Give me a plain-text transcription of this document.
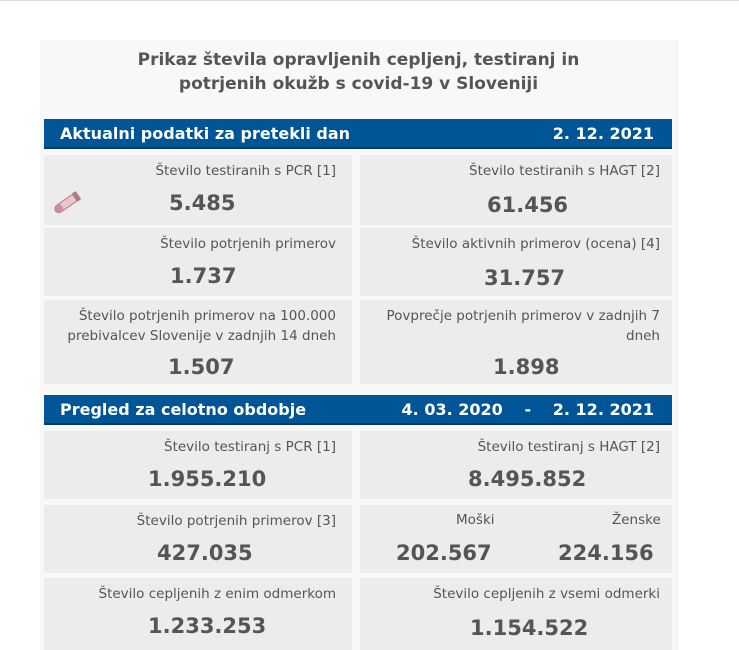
Prikaz števila opravljenih cepljenj, testiranj in
potrjenih okužb s covid-19 v Sloveniji
Aktualni podatki za pretekli dan	2. 12. 2021
Število testiranih s PCR [1]
5.485
Število testiranih s HAGT [2]
61.456
Število potrjenih primerov
1.737
Število aktivnih primerov (ocena) [4]
31.757
Število potrjenih primerov na 100.000
prebivalcev Slovenije v zadnjih 14 dneh
1.507
Povprečje potrjenih primerov v zadnjih 7
dneh
1.898
Pregled za celotno obdobje	4. 03. 2020	-	2. 12. 2021
Število testiranj s PCR [1]
1.955.210
Število testiranj s HAGT [2]
8.495.852
Število potrjenih primerov [3]
427.035
Moški
202.567
Ženske
224.156
Število cepljenih z enim odmerkom
1.233.253
Število cepljenih z vsemi odmerki
1.154.522
